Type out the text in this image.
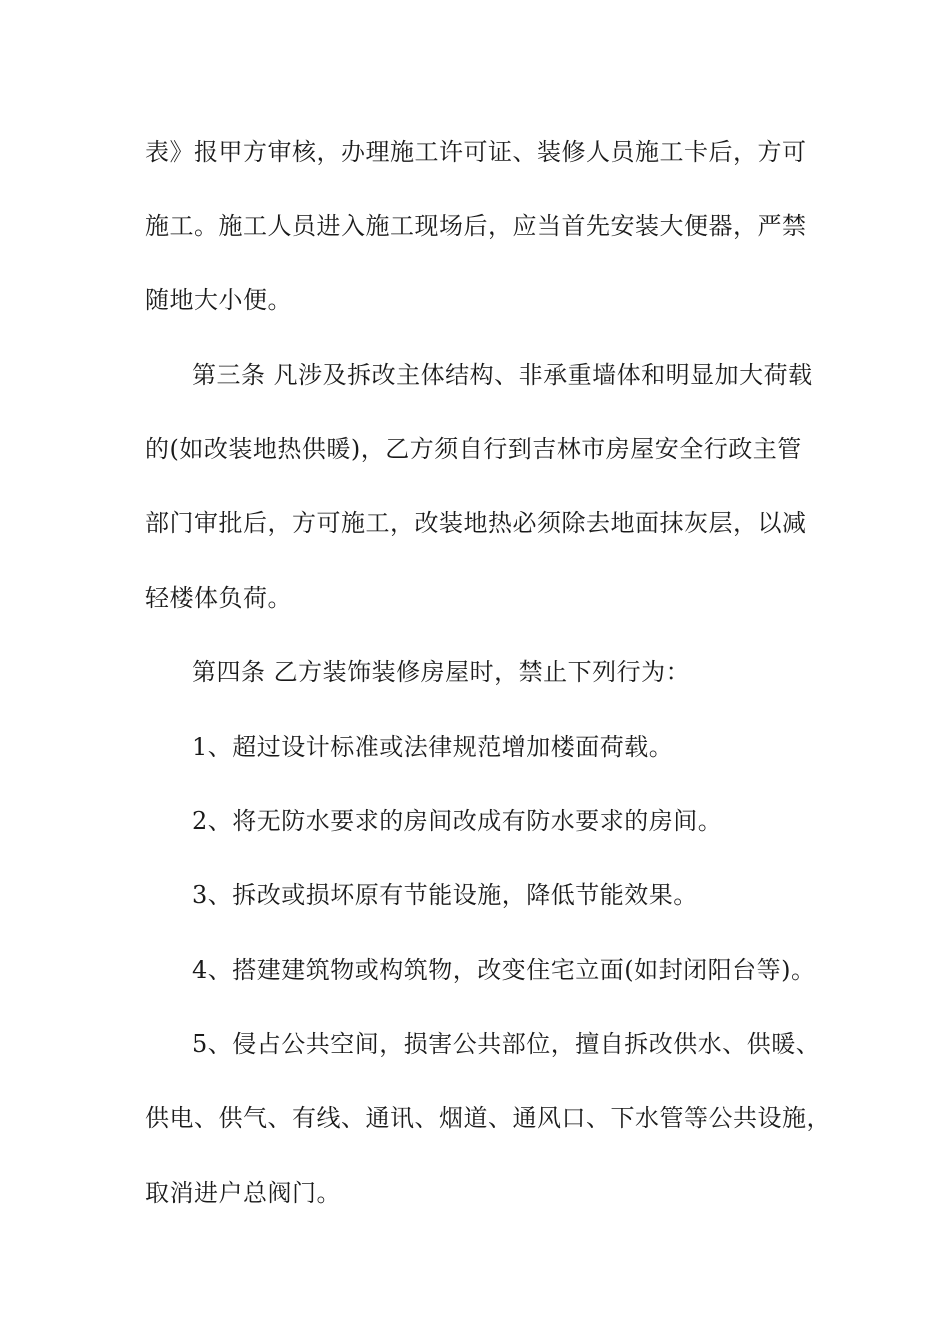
表》报甲方审核，办理施工许可证、装修人员施工卡后，方可
施工。施工人员进入施工现场后，应当首先安装大便器，严禁
随地大小便。
第三条 凡涉及拆改主体结构、非承重墙体和明显加大荷载
的(如改装地热供暖)，乙方须自行到吉林市房屋安全行政主管
部门审批后，方可施工，改装地热必须除去地面抹灰层，以减
轻楼体负荷。
第四条 乙方装饰装修房屋时，禁止下列行为：
1、超过设计标准或法律规范增加楼面荷载。
2、将无防水要求的房间改成有防水要求的房间。
3、拆改或损坏原有节能设施，降低节能效果。
4、搭建建筑物或构筑物，改变住宅立面(如封闭阳台等)。
5、侵占公共空间，损害公共部位，擅自拆改供水、供暖、
供电、供气、有线、通讯、烟道、通风口、下水管等公共设施，
取消进户总阀门。
